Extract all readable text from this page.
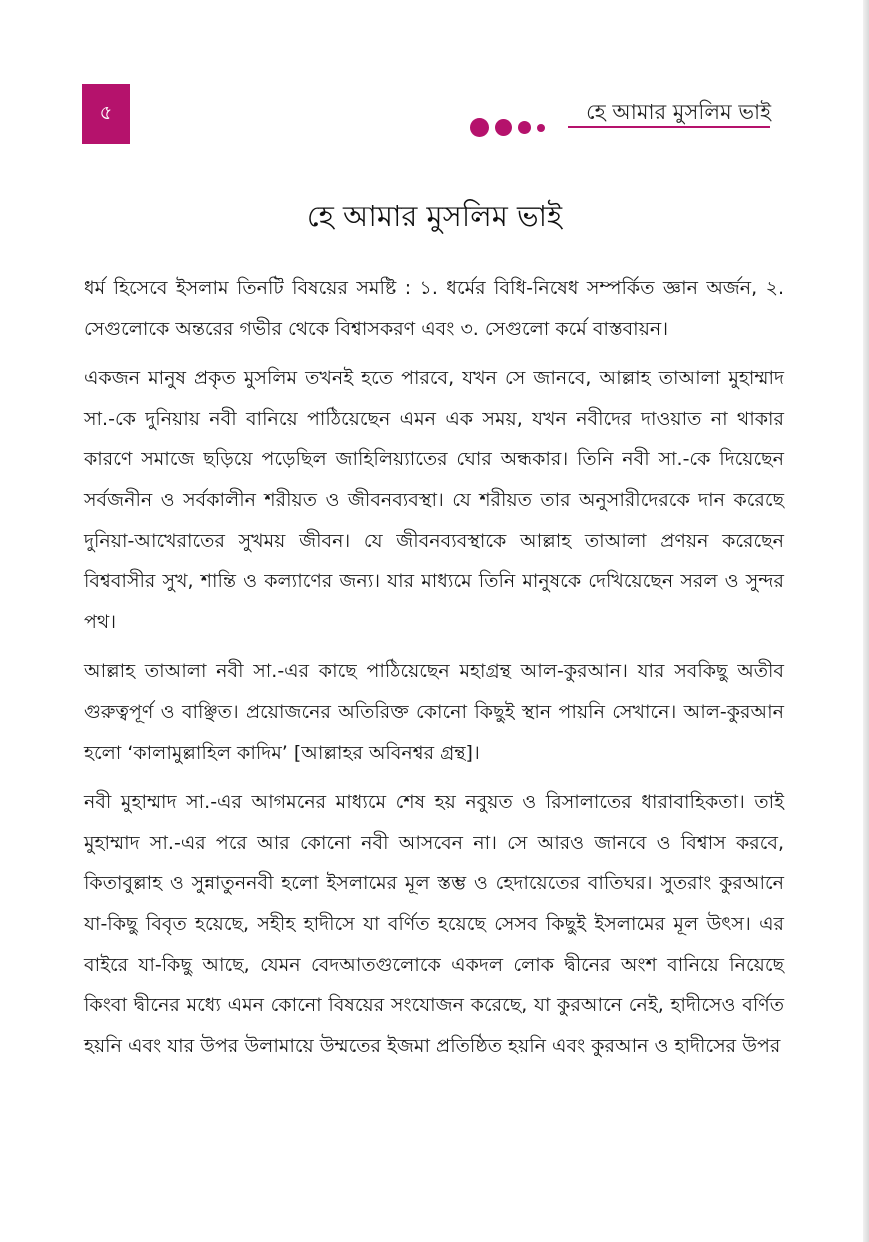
৫	হে আমার মুসলিম ভাই
হে আমার মুসলিম ভাই

ধর্ম হিসেবে ইসলাম তিনটি বিষয়ের সমষ্টি : ১. ধর্মের বিধি-নিষেধ সম্পর্কিত জ্ঞান অর্জন, ২. সেগুলোকে অন্তরের গভীর থেকে বিশ্বাসকরণ এবং ৩. সেগুলো কর্মে বাস্তবায়ন।

একজন মানুষ প্রকৃত মুসলিম তখনই হতে পারবে, যখন সে জানবে, আল্লাহ তাআলা মুহাম্মাদ সা.-কে দুনিয়ায় নবী বানিয়ে পাঠিয়েছেন এমন এক সময়, যখন নবীদের দাওয়াত না থাকার কারণে সমাজে ছড়িয়ে পড়েছিল জাহিলিয়্যাতের ঘোর অন্ধকার। তিনি নবী সা.-কে দিয়েছেন সর্বজনীন ও সর্বকালীন শরীয়ত ও জীবনব্যবস্থা। যে শরীয়ত তার অনুসারীদেরকে দান করেছে দুনিয়া-আখেরাতের সুখময় জীবন। যে জীবনব্যবস্থাকে আল্লাহ তাআলা প্রণয়ন করেছেন বিশ্ববাসীর সুখ, শান্তি ও কল্যাণের জন্য। যার মাধ্যমে তিনি মানুষকে দেখিয়েছেন সরল ও সুন্দর পথ।

আল্লাহ তাআলা নবী সা.-এর কাছে পাঠিয়েছেন মহাগ্রন্থ আল-কুরআন। যার সবকিছু অতীব গুরুত্বপূর্ণ ও বাঞ্ছিত। প্রয়োজনের অতিরিক্ত কোনো কিছুই স্থান পায়নি সেখানে। আল-কুরআন হলো ‘কালামুল্লাহিল কাদিম’ [আল্লাহর অবিনশ্বর গ্রন্থ]।

নবী মুহাম্মাদ সা.-এর আগমনের মাধ্যমে শেষ হয় নবুয়ত ও রিসালাতের ধারাবাহিকতা। তাই মুহাম্মাদ সা.-এর পরে আর কোনো নবী আসবেন না। সে আরও জানবে ও বিশ্বাস করবে, কিতাবুল্লাহ ও সুন্নাতুননবী হলো ইসলামের মূল স্তম্ভ ও হেদায়েতের বাতিঘর। সুতরাং কুরআনে যা-কিছু বিবৃত হয়েছে, সহীহ হাদীসে যা বর্ণিত হয়েছে সেসব কিছুই ইসলামের মূল উৎস। এর বাইরে যা-কিছু আছে, যেমন বেদআতগুলোকে একদল লোক দ্বীনের অংশ বানিয়ে নিয়েছে কিংবা দ্বীনের মধ্যে এমন কোনো বিষয়ের সংযোজন করেছে, যা কুরআনে নেই, হাদীসেও বর্ণিত হয়নি এবং যার উপর উলামায়ে উম্মতের ইজমা প্রতিষ্ঠিত হয়নি এবং কুরআন ও হাদীসের উপর
